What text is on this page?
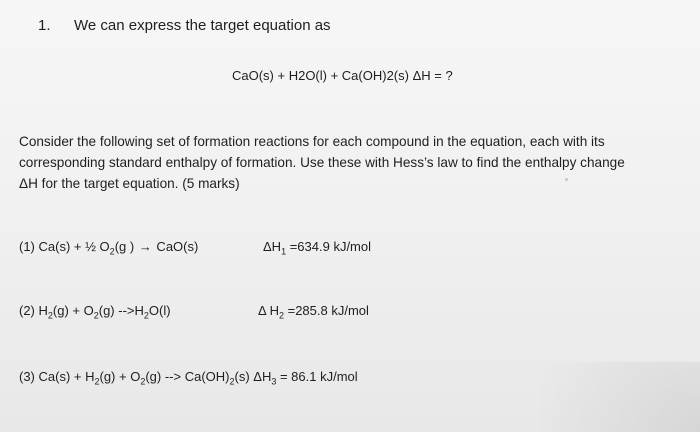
1. We can express the target equation as
CaO(s) + H2O(l) + Ca(OH)2(s) ΔH = ?

Consider the following set of formation reactions for each compound in the equation, each with its

corresponding standard enthalpy of formation. Use these with Hess’s law to find the enthalpy change

ΔH for the target equation. (5 marks)

(1) Ca(s) + ½ $O_2(g$ ) → CaO(s)	$\Delta H_1 =634.9$ kJ/mol
(2) $H_2(g) + O_2(g)$ $-->H_2O(l)$	Δ $H_2 =285.8$ kJ/mol
(3) $Ca(s) + H_2(g) + O_2(g)$ --> $Ca(OH)_2(s) \Delta H_3 = 86.1$ kJ/mol
